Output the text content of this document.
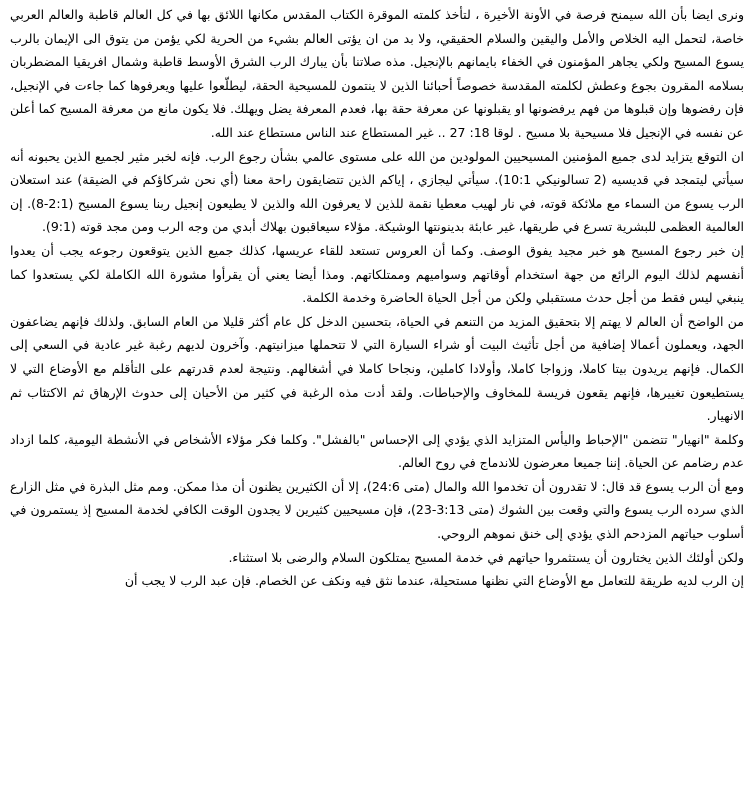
ونرى ايضا بأن الله سيمنح فرصة في الأونة الأخيرة ، لتأخذ كلمته الموقرة الكتاب المقدس مكانها اللائق بها في كل العالم قاطبة والعالم العربي خاصة، لتحمل اليه الخلاص والأمل واليقين والسلام الحقيقي، ولا بد من ان يؤتى العالم بشيء من الحرية لكي يؤمن من يتوق الى الإيمان بالرب يسوع المسيح ولكي يجاهر المؤمنون في الخفاء بايمانهم بالإنجيل. مذه صلاتنا بأن يبارك الرب الشرق الأوسط قاطبة وشمال افريقيا المضطربان بسلامه المقرون بجوع وعطش لكلمته المقدسة خصوصاً أحبائنا الذين لا ينتمون للمسيحية الحقة، ليطلّعوا عليها ويعرفوها كما جاءت في الإنجيل، فإن رفضوها وإن قبلوها من فهم يرفضونها او يقبلونها عن معرفة حقة بها، فعدم المعرفة يضل ويهلك. فلا يكون مانع من معرفة المسيح كما أعلن عن نفسه في الإنجيل فلا مسيحية بلا مسيح . لوقا 18: 27 .. غير المستطاع عند الناس مستطاع عند الله.

ان التوقع يتزايد لدى جميع المؤمنين المسيحيين المولودين من الله على مستوى عالمي بشأن رجوع الرب. فإنه لخبر مثير لجميع الذين يحبونه أنه سيأتي ليتمجد في قديسيه (2 تسالونيكي 10:1). سيأتي ليجازي ، إياكم الذين تتضايقون راحة معنا (أي نحن شركاؤكم في الضيقة) عند استعلان الرب يسوع من السماء مع ملائكة قوته، في نار لهيب معطيا نقمة للذين لا يعرفون الله والذين لا يطيعون إنجيل ربنا يسوع المسيح (2:1-8). إن العالمية العظمى للبشرية تسرع في طريقها، غير عابئة بدينونتها الوشيكة. مؤلاء سيعاقبون بهلاك أبدي من وجه الرب ومن مجد قوته (9:1).

إن خبر رجوع المسيح هو خبر مجيد يفوق الوصف. وكما أن العروس تستعد للقاء عريسها، كذلك جميع الذين يتوقعون رجوعه يجب أن يعدوا أنفسهم لذلك اليوم الرائع من جهة استخدام أوقاتهم وسواميهم وممتلكاتهم. ومذا أيضا يعني أن يقرأوا مشورة الله الكاملة لكي يستعدوا كما ينبغي ليس فقط من أجل حدث مستقبلي ولكن من أجل الحياة الحاضرة وخدمة الكلمة.

من الواضح أن العالم لا يهتم إلا بتحقيق المزيد من التنعم في الحياة، بتحسين الدخل كل عام أكثر قليلا من العام السابق. ولذلك فإنهم يضاعفون الجهد، ويعملون أعمالا إضافية من أجل تأثيث البيت أو شراء السيارة التي لا تتحملها ميزانيتهم. وآخرون لديهم رغبة غير عادية في السعي إلى الكمال. فإنهم يريدون بيتا كاملا، وزواجا كاملا، وأولادا كاملين، ونجاحا كاملا في أشغالهم. ونتيجة لعدم قدرتهم على التأقلم مع الأوضاع التي لا يستطيعون تغييرها، فإنهم يقعون فريسة للمخاوف والإحباطات. ولقد أدت مذه الرغبة في كثير من الأحيان إلى حدوث الإرهاق ثم الاكتئاب ثم الانهيار.

وكلمة "انهيار" تتضمن "الإحباط واليأس المتزايد الذي يؤدي إلى الإحساس "بالفشل". وكلما فكر مؤلاء الأشخاص في الأنشطة اليومية، كلما ازداد عدم رضامم عن الحياة. إننا جميعا معرضون للاندماج في روح العالم.

ومع أن الرب يسوع قد قال: لا تقدرون أن تخدموا الله والمال (متى 24:6)، إلا أن الكثيرين يظنون أن مذا ممكن. ومم مثل البذرة في مثل الزارع الذي سرده الرب يسوع والتي وقعت بين الشوك (متى 3:13-23)، فإن مسيحيين كثيرين لا يجدون الوقت الكافي لخدمة المسيح إذ يستمرون في أسلوب حياتهم المزدحم الذي يؤدي إلى خنق نموهم الروحي.

ولكن أولئك الذين يختارون أن يستثمروا حياتهم في خدمة المسيح يمتلكون السلام والرضى بلا استثناء.

إن الرب لديه طريقة للتعامل مع الأوضاع التي نظنها مستحيلة، عندما نثق فيه ونكف عن الخصام. فإن عبد الرب لا يجب أن
